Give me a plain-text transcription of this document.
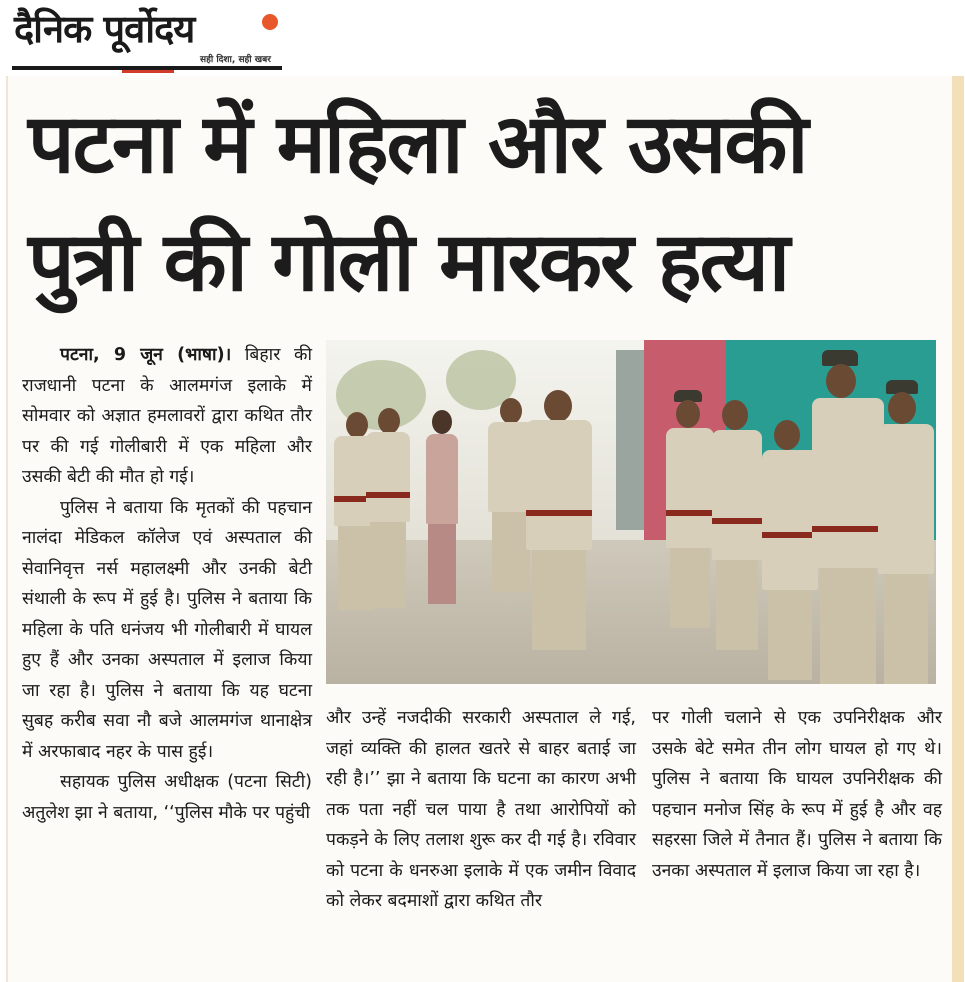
दैनिक पूर्वोदय
सही दिशा, सही खबर
पटना में महिला और उसकी
पुत्री की गोली मारकर हत्या

पटना, 9 जून (भाषा)। बिहार की राजधानी पटना के आलमगंज इलाके में सोमवार को अज्ञात हमलावरों द्वारा कथित तौर पर की गई गोलीबारी में एक महिला और उसकी बेटी की मौत हो गई।

पुलिस ने बताया कि मृतकों की पहचान नालंदा मेडिकल कॉलेज एवं अस्पताल की सेवानिवृत्त नर्स महालक्ष्मी और उनकी बेटी संथाली के रूप में हुई है। पुलिस ने बताया कि महिला के पति धनंजय भी गोलीबारी में घायल हुए हैं और उनका अस्पताल में इलाज किया जा रहा है। पुलिस ने बताया कि यह घटना सुबह करीब सवा नौ बजे आलमगंज थानाक्षेत्र में अरफाबाद नहर के पास हुई।

सहायक पुलिस अधीक्षक (पटना सिटी) अतुलेश झा ने बताया, ‘‘पुलिस मौके पर पहुंची

और उन्हें नजदीकी सरकारी अस्पताल ले गई, जहां व्यक्ति की हालत खतरे से बाहर बताई जा रही है।’’ झा ने बताया कि घटना का कारण अभी तक पता नहीं चल पाया है तथा आरोपियों को पकड़ने के लिए तलाश शुरू कर दी गई है। रविवार को पटना के धनरुआ इलाके में एक जमीन विवाद को लेकर बदमाशों द्वारा कथित तौर

पर गोली चलाने से एक उपनिरीक्षक और उसके बेटे समेत तीन लोग घायल हो गए थे। पुलिस ने बताया कि घायल उपनिरीक्षक की पहचान मनोज सिंह के रूप में हुई है और वह सहरसा जिले में तैनात हैं। पुलिस ने बताया कि उनका अस्पताल में इलाज किया जा रहा है।
